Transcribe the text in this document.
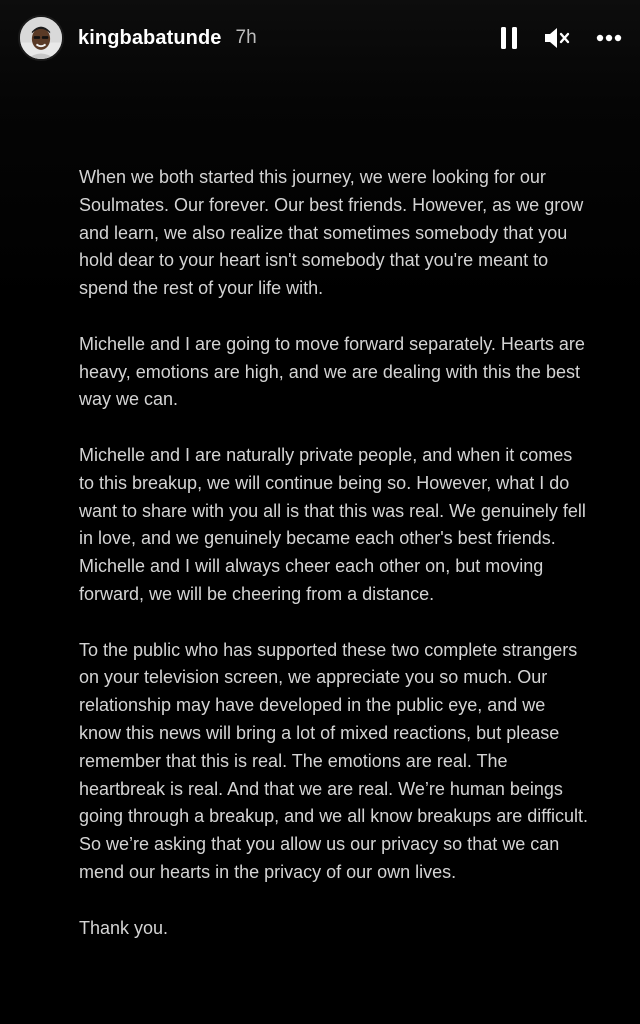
kingbabatunde 7h

When we both started this journey, we were looking for our Soulmates. Our forever. Our best friends. However, as we grow and learn, we also realize that sometimes somebody that you hold dear to your heart isn't somebody that you're meant to spend the rest of your life with.

Michelle and I are going to move forward separately. Hearts are heavy, emotions are high, and we are dealing with this the best way we can.

Michelle and I are naturally private people, and when it comes to this breakup, we will continue being so. However, what I do want to share with you all is that this was real. We genuinely fell in love, and we genuinely became each other's best friends. Michelle and I will always cheer each other on, but moving forward, we will be cheering from a distance.

To the public who has supported these two complete strangers on your television screen, we appreciate you so much. Our relationship may have developed in the public eye, and we know this news will bring a lot of mixed reactions, but please remember that this is real. The emotions are real. The heartbreak is real. And that we are real. We’re human beings going through a breakup, and we all know breakups are difficult. So we’re asking that you allow us our privacy so that we can mend our hearts in the privacy of our own lives.

Thank you.
